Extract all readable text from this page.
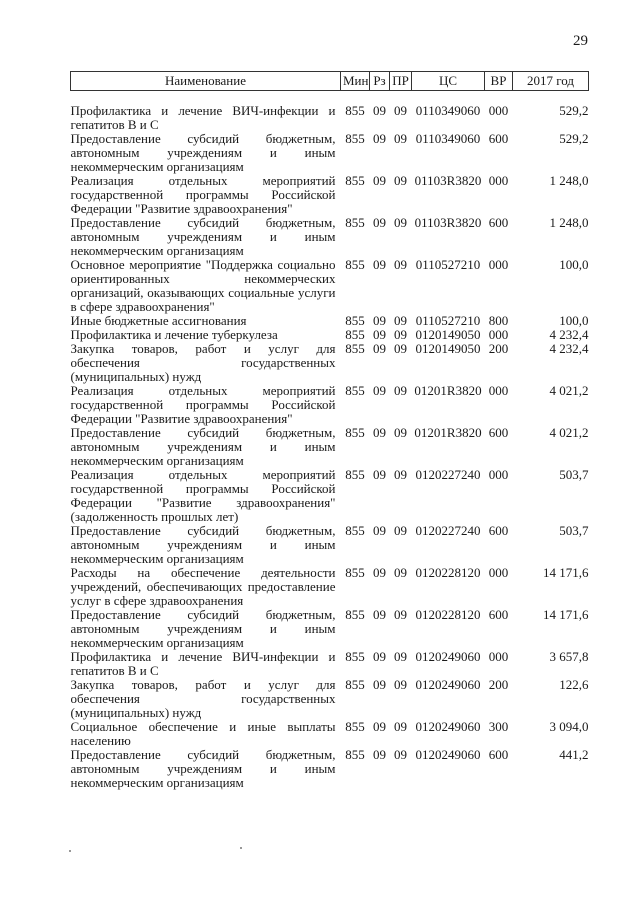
29
Наименование	Мин	Рз	ПР	ЦС	ВР	2017 год
Профилактика и лечение ВИЧ-инфекции и гепатитов В и С	855	09	09	0110349060	000	529,2
Предоставление субсидий бюджетным, автономным учреждениям и иным некоммерческим организациям	855	09	09	0110349060	600	529,2
Реализация отдельных мероприятий государственной программы Российской Федерации "Развитие здравоохранения"	855	09	09	01103R3820	000	1 248,0
Предоставление субсидий бюджетным, автономным учреждениям и иным некоммерческим организациям	855	09	09	01103R3820	600	1 248,0
Основное мероприятие "Поддержка социально ориентированных некоммерческих организаций, оказывающих социальные услуги в сфере здравоохранения"	855	09	09	0110527210	000	100,0
Иные бюджетные ассигнования	855	09	09	0110527210	800	100,0
Профилактика и лечение туберкулеза	855	09	09	0120149050	000	4 232,4
Закупка товаров, работ и услуг для обеспечения государственных (муниципальных) нужд	855	09	09	0120149050	200	4 232,4
Реализация отдельных мероприятий государственной программы Российской Федерации "Развитие здравоохранения"	855	09	09	01201R3820	000	4 021,2
Предоставление субсидий бюджетным, автономным учреждениям и иным некоммерческим организациям	855	09	09	01201R3820	600	4 021,2
Реализация отдельных мероприятий государственной программы Российской Федерации "Развитие здравоохранения" (задолженность прошлых лет)	855	09	09	0120227240	000	503,7
Предоставление субсидий бюджетным, автономным учреждениям и иным некоммерческим организациям	855	09	09	0120227240	600	503,7
Расходы на обеспечение деятельности учреждений, обеспечивающих предоставление услуг в сфере здравоохранения	855	09	09	0120228120	000	14 171,6
Предоставление субсидий бюджетным, автономным учреждениям и иным некоммерческим организациям	855	09	09	0120228120	600	14 171,6
Профилактика и лечение ВИЧ-инфекции и гепатитов В и С	855	09	09	0120249060	000	3 657,8
Закупка товаров, работ и услуг для обеспечения государственных (муниципальных) нужд	855	09	09	0120249060	200	122,6
Социальное обеспечение и иные выплаты населению	855	09	09	0120249060	300	3 094,0
Предоставление субсидий бюджетным, автономным учреждениям и иным некоммерческим организациям	855	09	09	0120249060	600	441,2
